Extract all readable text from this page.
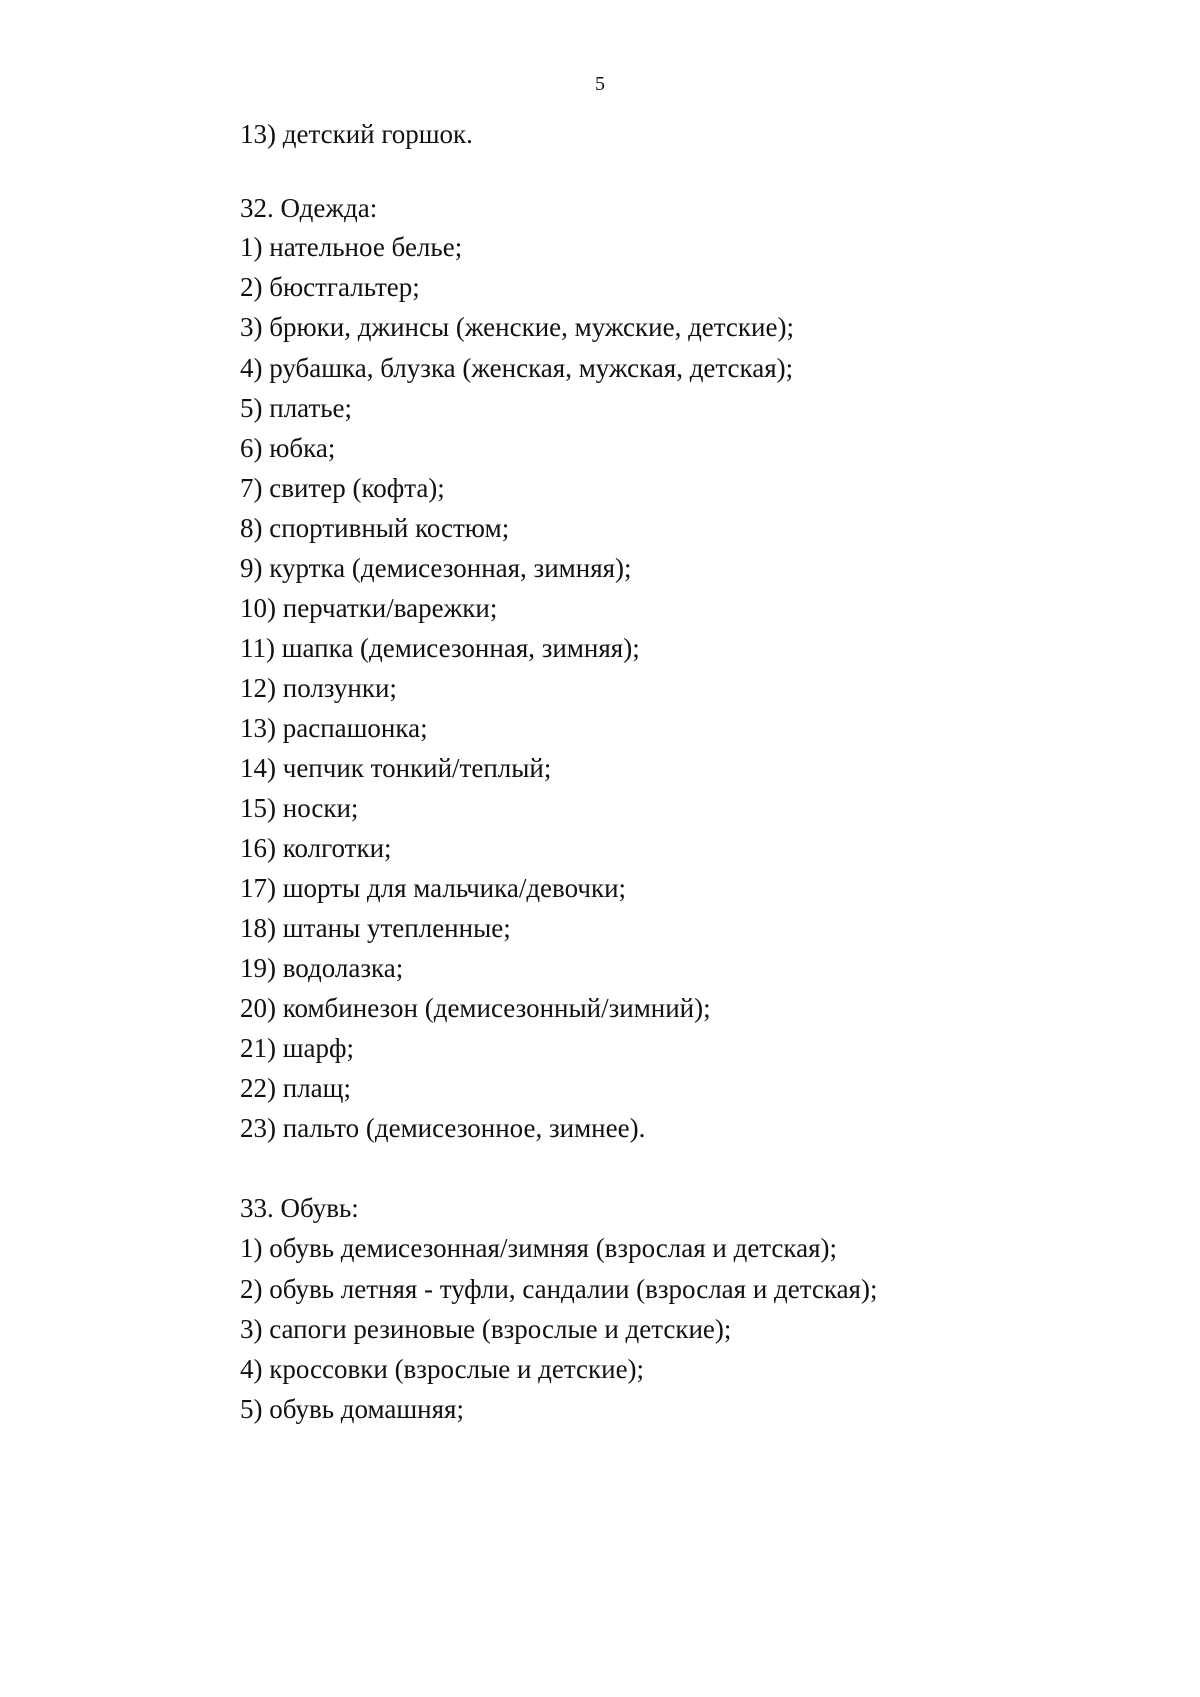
5
13) детский горшок.
32. Одежда:
1) нательное белье;
2) бюстгальтер;
3) брюки, джинсы (женские, мужские, детские);
4) рубашка, блузка (женская, мужская, детская);
5) платье;
6) юбка;
7) свитер (кофта);
8) спортивный костюм;
9) куртка (демисезонная, зимняя);
10) перчатки/варежки;
11) шапка (демисезонная, зимняя);
12) ползунки;
13) распашонка;
14) чепчик тонкий/теплый;
15) носки;
16) колготки;
17) шорты для мальчика/девочки;
18) штаны утепленные;
19) водолазка;
20) комбинезон (демисезонный/зимний);
21) шарф;
22) плащ;
23) пальто (демисезонное, зимнее).
33. Обувь:
1) обувь демисезонная/зимняя (взрослая и детская);
2) обувь летняя - туфли, сандалии (взрослая и детская);
3) сапоги резиновые (взрослые и детские);
4) кроссовки (взрослые и детские);
5) обувь домашняя;
